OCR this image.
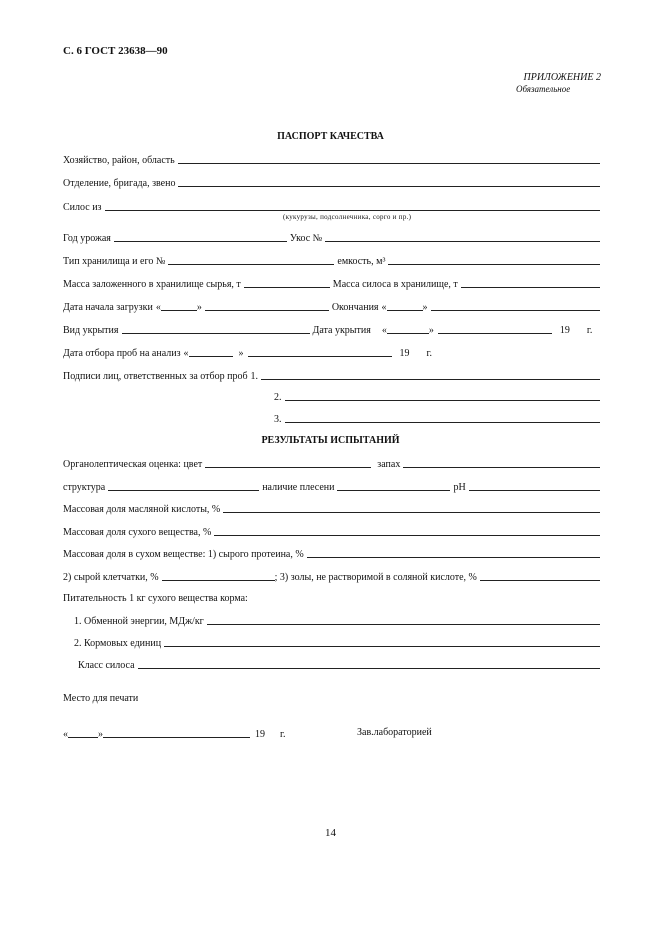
С. 6 ГОСТ 23638—90
ПРИЛОЖЕНИЕ 2
Обязательное
ПАСПОРТ КАЧЕСТВА
Хозяйство, район, область
Отделение, бригада, звено
Силос из
(кукурузы, подсолнечника, сорго и пр.)
Год урожая	Укос №
Тип хранилища и его №	емкость, м³
Масса заложенного в хранилище сырья, т	Масса силоса в хранилище, т
Дата начала загрузки «	»	Окончания «	»
Вид укрытия	Дата укрытия	«	»	19	г.
Дата отбора проб на анализ «	»	19	г.
Подписи лиц, ответственных за отбор проб 1.
2.
3.
РЕЗУЛЬТАТЫ ИСПЫТАНИЙ
Органолептическая оценка: цвет	запах
структура	наличие плесени	pH
Массовая доля масляной кислоты, %
Массовая доля сухого вещества, %
Массовая доля в сухом веществе: 1) сырого протеина, %
2) сырой клетчатки, %	; 3) золы, не растворимой в соляной кислоте, %
Питательность 1 кг сухого вещества корма:
1. Обменной энергии, МДж/кг
2. Кормовых единиц
Класс силоса
Место для печати
«	»	19	г.	Зав.лабораторией
14
